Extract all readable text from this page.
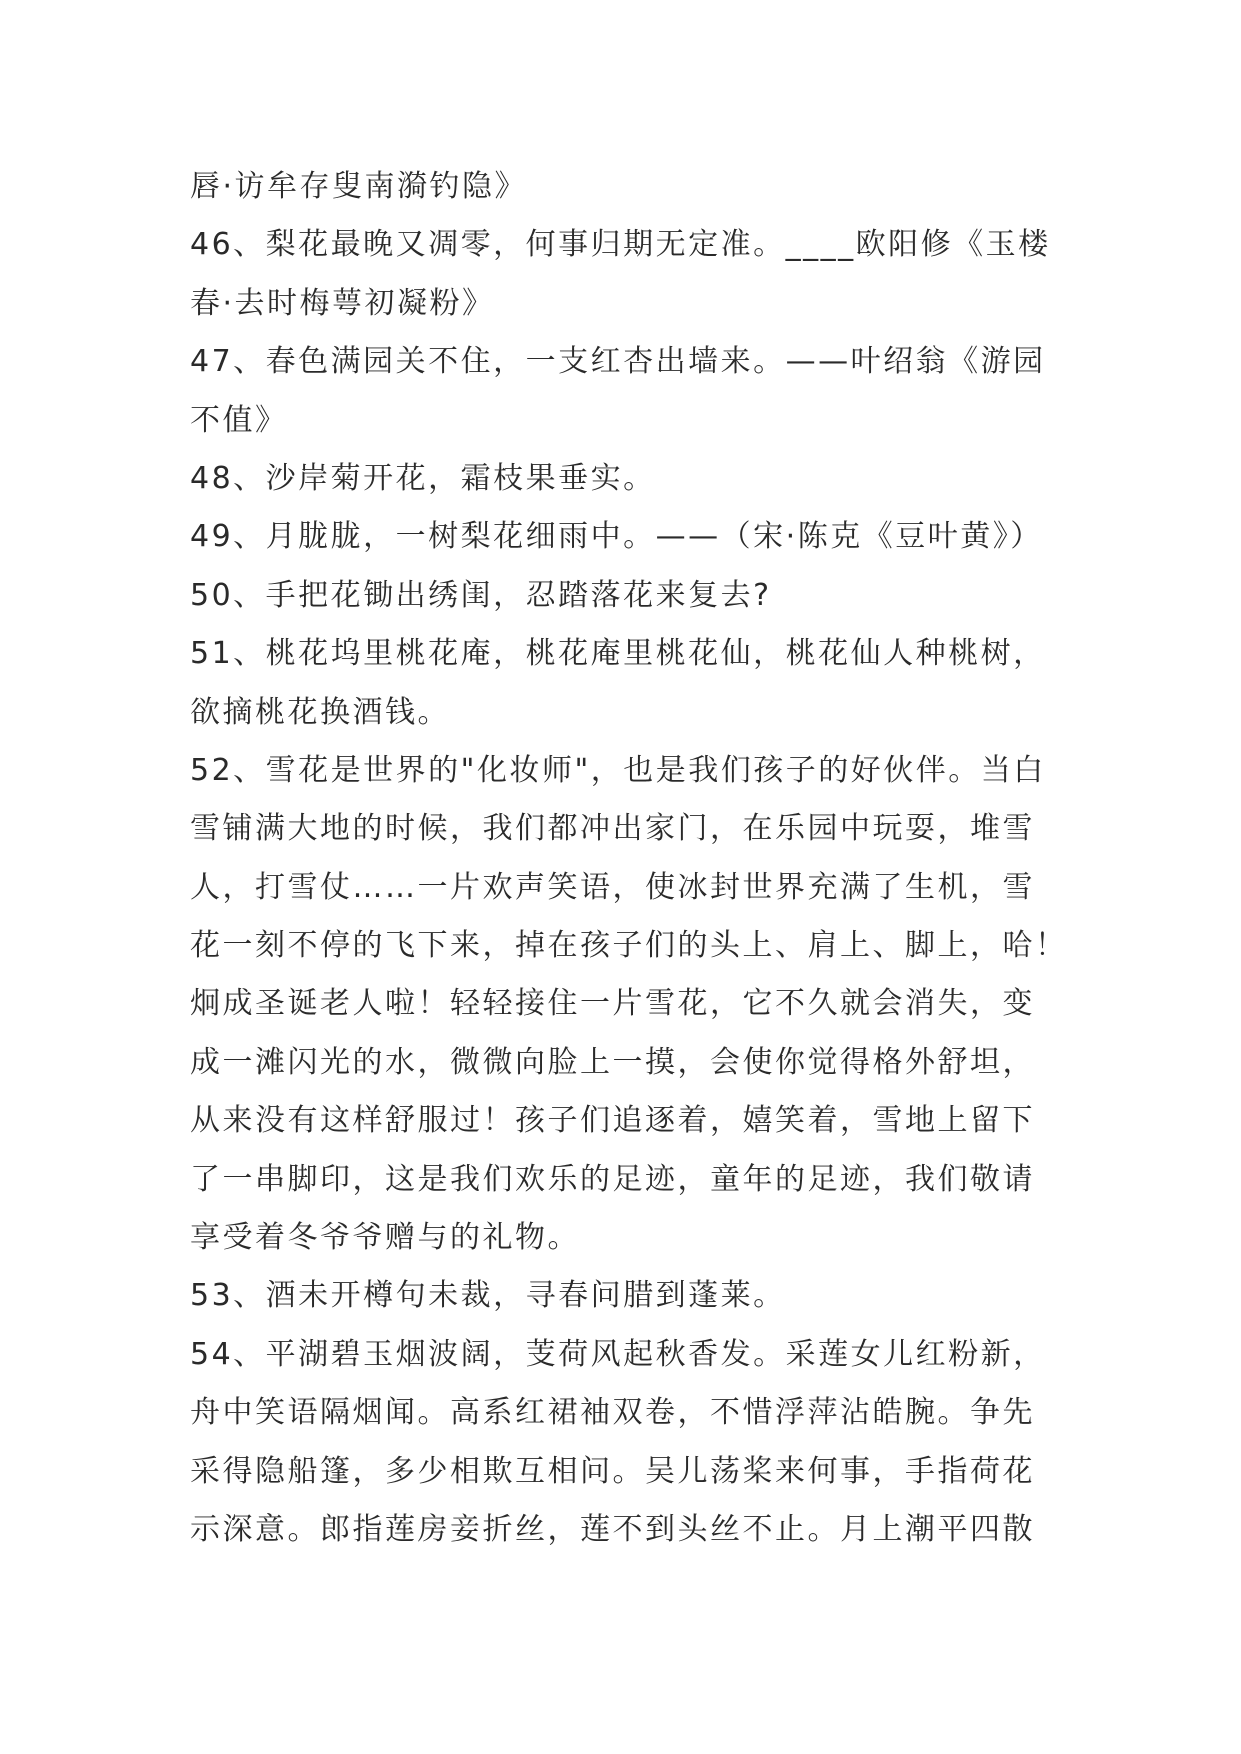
唇·访牟存叟南漪钓隐》
46、梨花最晚又凋零，何事归期无定准。____欧阳修《玉楼
春·去时梅萼初凝粉》
47、春色满园关不住，一支红杏出墙来。——叶绍翁《游园
不值》
48、沙岸菊开花，霜枝果垂实。
49、月胧胧，一树梨花细雨中。——（宋·陈克《豆叶黄》）
50、手把花锄出绣闺，忍踏落花来复去?
51、桃花坞里桃花庵，桃花庵里桃花仙，桃花仙人种桃树，
欲摘桃花换酒钱。
52、雪花是世界的"化妆师"，也是我们孩子的好伙伴。当白
雪铺满大地的时候，我们都冲出家门，在乐园中玩耍，堆雪
人，打雪仗……一片欢声笑语，使冰封世界充满了生机，雪
花一刻不停的飞下来，掉在孩子们的头上、肩上、脚上，哈！
炯成圣诞老人啦！轻轻接住一片雪花，它不久就会消失，变
成一滩闪光的水，微微向脸上一摸，会使你觉得格外舒坦，
从来没有这样舒服过！孩子们追逐着，嬉笑着，雪地上留下
了一串脚印，这是我们欢乐的足迹，童年的足迹，我们敬请
享受着冬爷爷赠与的礼物。
53、酒未开樽句未裁，寻春问腊到蓬莱。
54、平湖碧玉烟波阔，芰荷风起秋香发。采莲女儿红粉新，
舟中笑语隔烟闻。高系红裙袖双卷，不惜浮萍沾皓腕。争先
采得隐船篷，多少相欺互相问。吴儿荡桨来何事，手指荷花
示深意。郎指莲房妾折丝，莲不到头丝不止。月上潮平四散
